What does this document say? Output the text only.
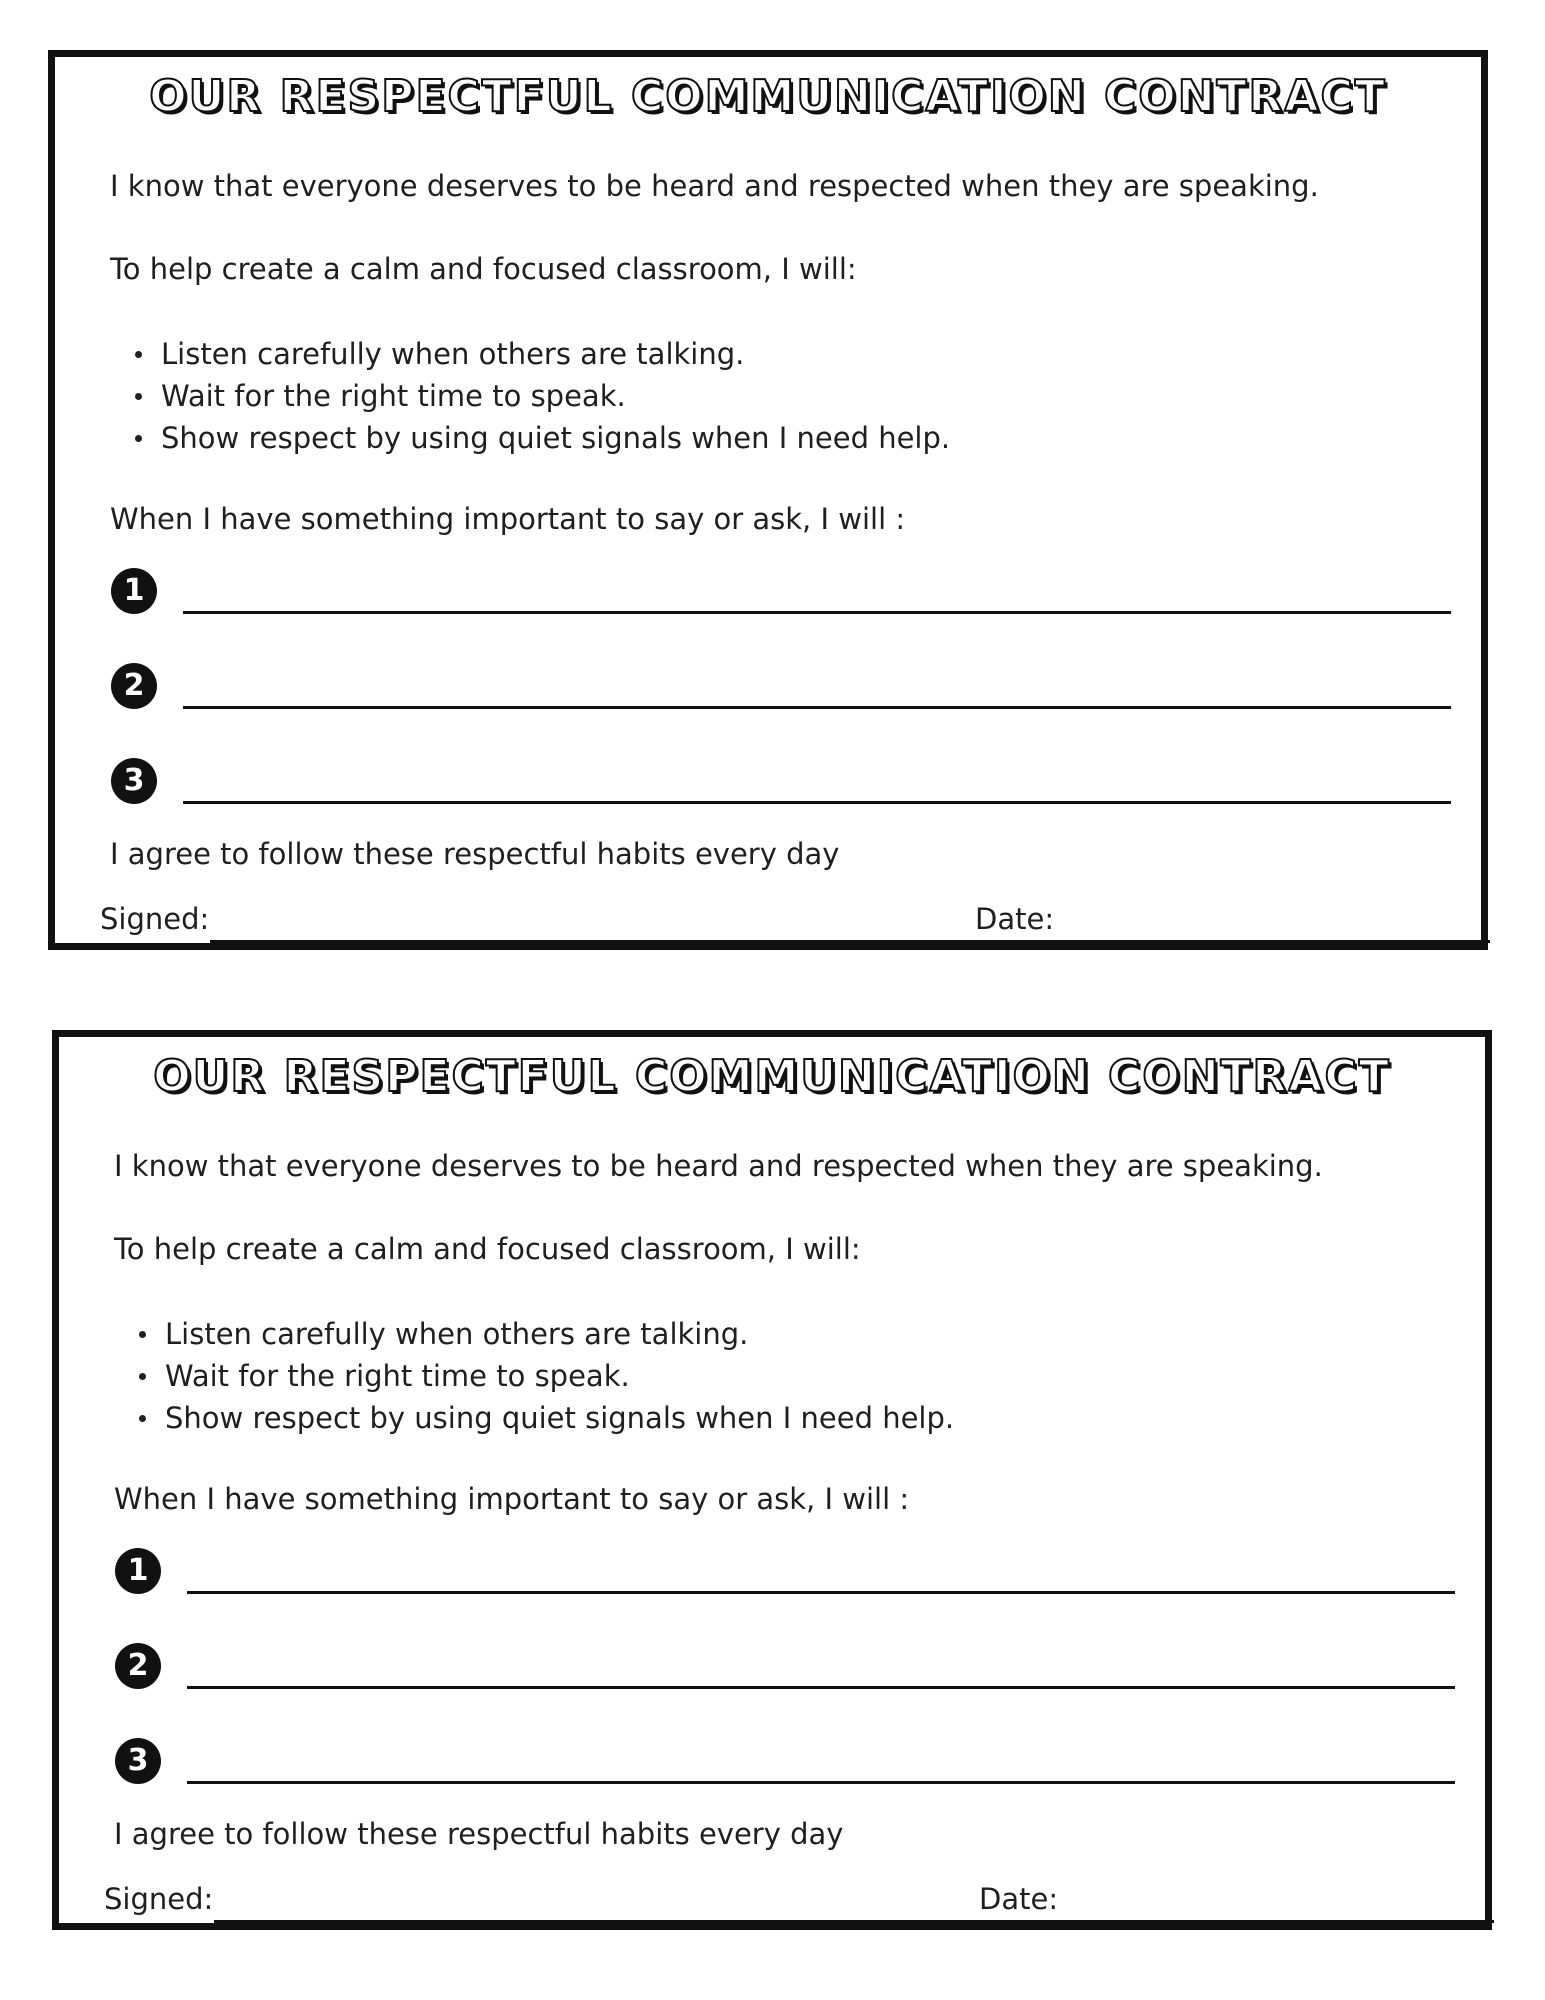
OUR RESPECTFUL COMMUNICATION CONTRACT
I know that everyone deserves to be heard and respected when they are speaking.
To help create a calm and focused classroom, I will:
Listen carefully when others are talking.
Wait for the right time to speak.
Show respect by using quiet signals when I need help.
When I have something important to say or ask, I will :
1
2
3
I agree to follow these respectful habits every day
Signed:	Date:
OUR RESPECTFUL COMMUNICATION CONTRACT
I know that everyone deserves to be heard and respected when they are speaking.
To help create a calm and focused classroom, I will:
Listen carefully when others are talking.
Wait for the right time to speak.
Show respect by using quiet signals when I need help.
When I have something important to say or ask, I will :
1
2
3
I agree to follow these respectful habits every day
Signed:	Date:
